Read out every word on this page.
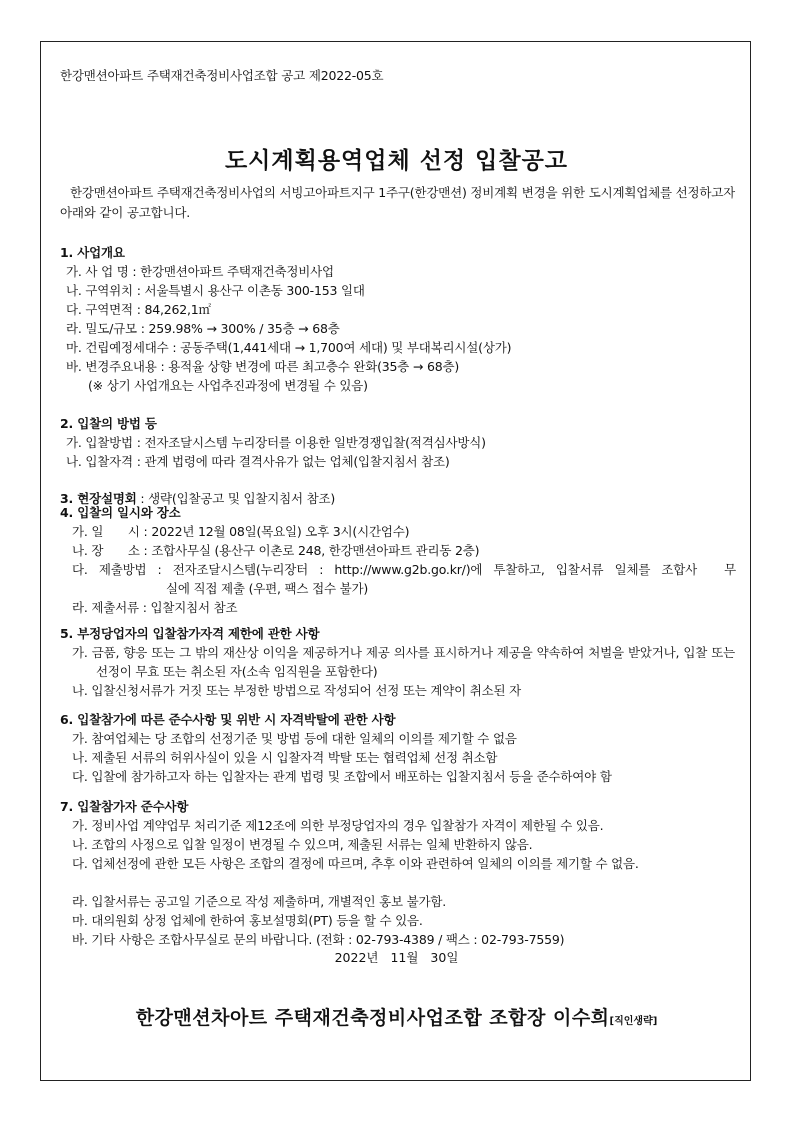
한강맨션아파트 주택재건축정비사업조합 공고 제2022-05호
도시계획용역업체 선정 입찰공고
한강맨션아파트 주택재건축정비사업의 서빙고아파트지구 1주구(한강맨션) 정비계획 변경을 위한 도시계획업체를 선정하고자 아래와 같이 공고합니다.
1. 사업개요
가. 사 업 명 : 한강맨션아파트 주택재건축정비사업
나. 구역위치 : 서울특별시 용산구 이촌동 300-153 일대
다. 구역면적 : 84,262,1㎡
라. 밀도/규모 : 259.98% → 300% / 35층 → 68층
마. 건립예정세대수 : 공동주택(1,441세대 → 1,700여 세대) 및 부대복리시설(상가)
바. 변경주요내용 : 용적율 상향 변경에 따른 최고층수 완화(35층 → 68층)
(※ 상기 사업개요는 사업추진과정에 변경될 수 있음)
2. 입찰의 방법 등
가. 입찰방법 : 전자조달시스템 누리장터를 이용한 일반경쟁입찰(적격심사방식)
나. 입찰자격 : 관계 법령에 따라 결격사유가 없는 업체(입찰지침서 참조)
3. 현장설명회 : 생략(입찰공고 및 입찰지침서 참조)
4. 입찰의 일시와 장소
가. 일　　시 : 2022년 12월 08일(목요일) 오후 3시(시간엄수)
나. 장　　소 : 조합사무실 (용산구 이촌로 248, 한강맨션아파트 관리동 2층)
다. 제출방법 : 전자조달시스템(누리장터 : http://www.g2b.go.kr/)에 투찰하고, 입찰서류 일체를 조합사　무
실에 직접 제출 (우편, 팩스 접수 불가)
라. 제출서류 : 입찰지침서 참조
5. 부정당업자의 입찰참가자격 제한에 관한 사항
가. 금품, 향응 또는 그 밖의 재산상 이익을 제공하거나 제공 의사를 표시하거나 제공을 약속하여 처벌을 받았거나, 입찰 또는 선정이 무효 또는 취소된 자(소속 임직원을 포함한다)
나. 입찰신청서류가 거짓 또는 부정한 방법으로 작성되어 선정 또는 계약이 취소된 자
6. 입찰참가에 따른 준수사항 및 위반 시 자격박탈에 관한 사항
가. 참여업체는 당 조합의 선정기준 및 방법 등에 대한 일체의 이의를 제기할 수 없음
나. 제출된 서류의 허위사실이 있을 시 입찰자격 박탈 또는 협력업체 선정 취소함
다. 입찰에 참가하고자 하는 입찰자는 관계 법령 및 조합에서 배포하는 입찰지침서 등을 준수하여야 함
7. 입찰참가자 준수사항
가. 정비사업 계약업무 처리기준 제12조에 의한 부정당업자의 경우 입찰참가 자격이 제한될 수 있음.
나. 조합의 사정으로 입찰 일정이 변경될 수 있으며, 제출된 서류는 일체 반환하지 않음.
다. 업체선정에 관한 모든 사항은 조합의 결정에 따르며, 추후 이와 관련하여 일체의 이의를 제기할 수 없음.
라. 입찰서류는 공고일 기준으로 작성 제출하며, 개별적인 홍보 불가함.
마. 대의원회 상정 업체에 한하여 홍보설명회(PT) 등을 할 수 있음.
바. 기타 사항은 조합사무실로 문의 바랍니다. (전화 : 02-793-4389 / 팩스 : 02-793-7559)
2022년 11월 30일
한강맨션차아트 주택재건축정비사업조합 조합장 이수희[직인생략]
